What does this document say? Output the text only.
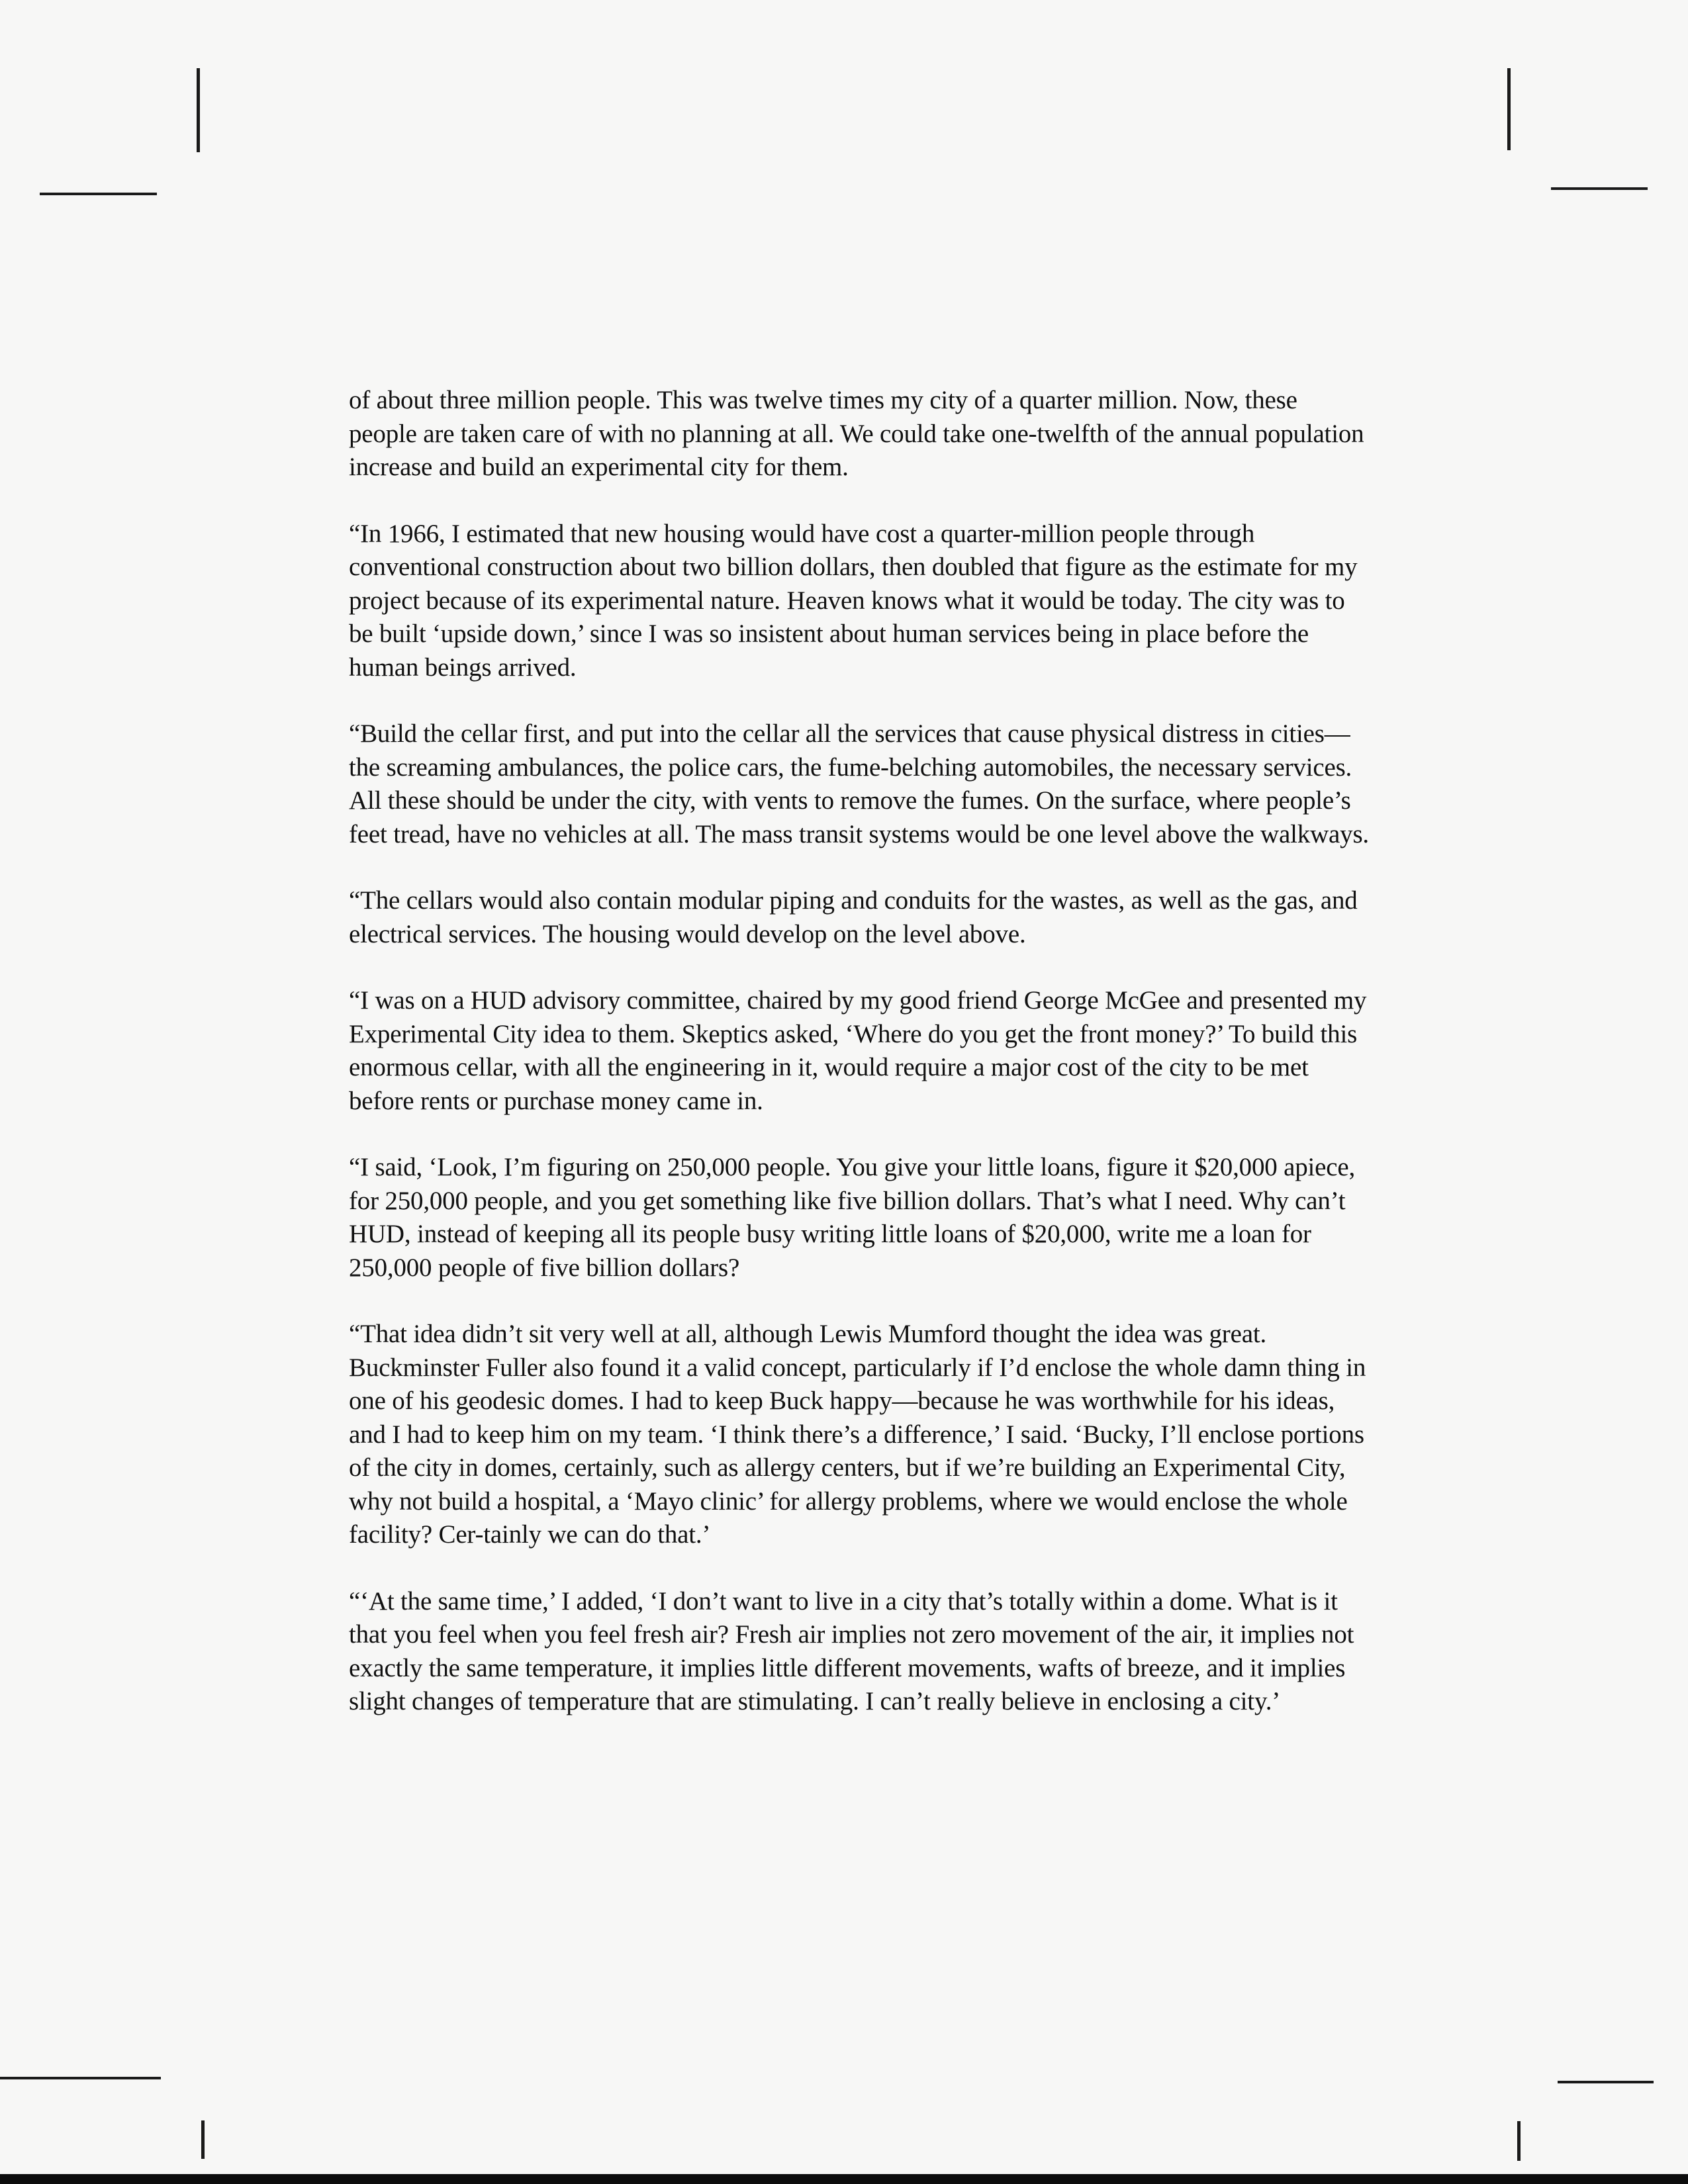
of about three million people. This was twelve times my city of a quarter million. Now, these people are taken care of with no planning at all. We could take one-twelfth of the annual population increase and build an experimental city for them.

“In 1966, I estimated that new housing would have cost a quarter-million people through conventional construction about two billion dollars, then doubled that figure as the estimate for my project because of its experimental nature. Heaven knows what it would be today. The city was to be built ‘upside down,’ since I was so insistent about human services being in place before the human beings arrived.

“Build the cellar first, and put into the cellar all the services that cause physical distress in cities—the screaming ambulances, the police cars, the fume-belching automobiles, the necessary services. All these should be under the city, with vents to remove the fumes. On the surface, where people’s feet tread, have no vehicles at all. The mass transit systems would be one level above the walkways.

“The cellars would also contain modular piping and conduits for the wastes, as well as the gas, and electrical services. The housing would develop on the level above.

“I was on a HUD advisory committee, chaired by my good friend George McGee and presented my Experimental City idea to them. Skeptics asked, ‘Where do you get the front money?’ To build this enormous cellar, with all the engineering in it, would require a major cost of the city to be met before rents or purchase money came in.

“I said, ‘Look, I’m figuring on 250,000 people. You give your little loans, figure it $20,000 apiece, for 250,000 people, and you get something like five billion dollars. That’s what I need. Why can’t HUD, instead of keeping all its people busy writing little loans of $20,000, write me a loan for 250,000 people of five billion dollars?

“That idea didn’t sit very well at all, although Lewis Mumford thought the idea was great. Buckminster Fuller also found it a valid concept, particularly if I’d enclose the whole damn thing in one of his geodesic domes. I had to keep Buck happy—because he was worthwhile for his ideas, and I had to keep him on my team. ‘I think there’s a difference,’ I said. ‘Bucky, I’ll enclose portions of the city in domes, certainly, such as allergy centers, but if we’re building an Experimental City, why not build a hospital, a ‘Mayo clinic’ for allergy problems, where we would enclose the whole facility? Cer-tainly we can do that.’

“‘At the same time,’ I added, ‘I don’t want to live in a city that’s totally within a dome. What is it that you feel when you feel fresh air? Fresh air implies not zero movement of the air, it implies not exactly the same temperature, it implies little different movements, wafts of breeze, and it implies slight changes of temperature that are stimulating. I can’t really believe in enclosing a city.’
